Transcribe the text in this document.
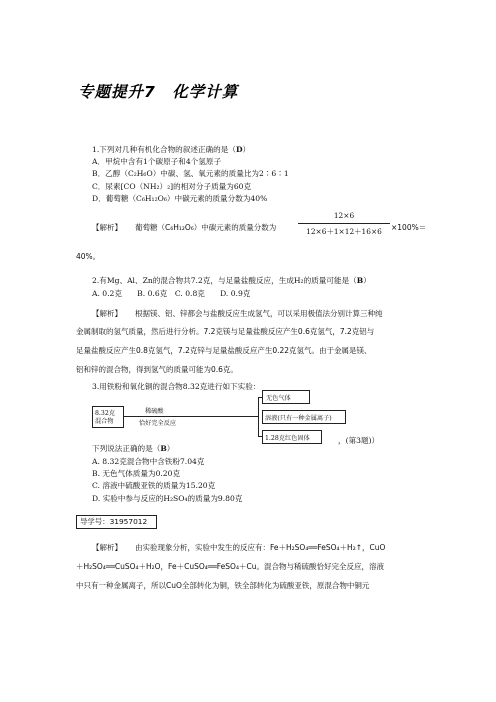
专题提升7　化学计算
1.下列对几种有机化合物的叙述正确的是（D）
A．甲烷中含有1个碳原子和4个氢原子
B．乙醇（C₂H₆O）中碳、氢、氧元素的质量比为2∶6∶1
C．尿素[CO（NH₂）₂]的相对分子质量为60克
D．葡萄糖（C₆H₁₂O₆）中碳元素的质量分数为40%
【解析】 葡萄糖（C₆H₁₂O₆）中碳元素的质量分数为
12×6
12×6＋1×12＋16×6	×100%＝
40%。
2.有Mg、Al、Zn的混合物共7.2克，与足量盐酸反应，生成H₂的质量可能是（B）
A. 0.2克　　B. 0.6克　C. 0.8克　　D. 0.9克
【解析】 根据镁、铝、锌都会与盐酸反应生成氢气，可以采用极值法分别计算三种纯
金属制取的氢气质量，然后进行分析。7.2克镁与足量盐酸反应产生0.6克氢气，7.2克铝与
足量盐酸反应产生0.8克氢气，7.2克锌与足量盐酸反应产生0.22克氢气。由于金属是镁、
铝和锌的混合物，得到氢气的质量可能为0.6克。
3.用铁粉和氧化铜的混合物8.32克进行如下实验：
8.32克
混合物
稀硫酸
恰好完全反应
无色气体
溶液(只有一种金属离子)
1.28克红色固体	，(第3题)）
下列说法正确的是（B）
A. 8.32克混合物中含铁粉7.04克
B. 无色气体质量为0.20克
C. 溶液中硫酸亚铁的质量为15.20克
D. 实验中参与反应的H₂SO₄的质量为9.80克
导学号：31957012
【解析】 由实验现象分析，实验中发生的反应有：Fe＋H₂SO₄══FeSO₄＋H₂↑，CuO
＋H₂SO₄══CuSO₄＋H₂O，Fe＋CuSO₄══FeSO₄＋Cu。混合物与稀硫酸恰好完全反应，溶液
中只有一种金属离子，所以CuO全部转化为铜，铁全部转化为硫酸亚铁，原混合物中铜元
